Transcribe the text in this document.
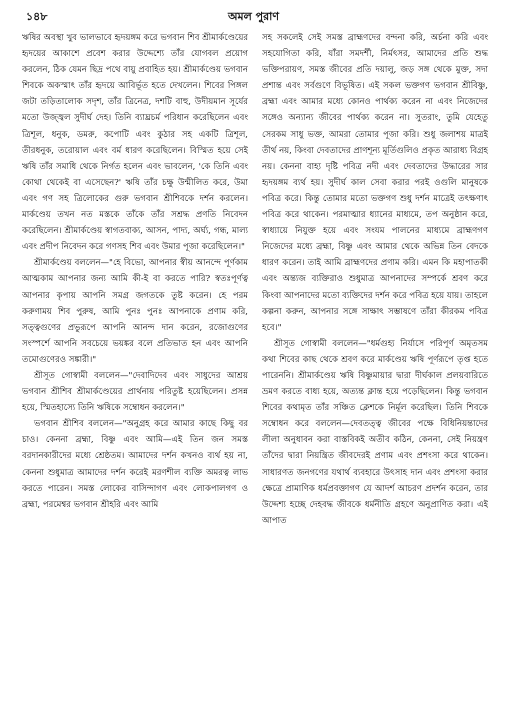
১৪৮	অমল পুরাণ

ঋষির অবস্থা খুব ভালভাবে হৃদয়ঙ্গম করে ভগবান শিব শ্রীমার্কণ্ডেয়ের হৃদয়ের আকাশে প্রবেশ করার উদ্দেশ্যে তাঁর যোগবল প্রয়োগ করলেন, ঠিক যেমন ছিদ্র পথে বায়ু প্রবাহিত হয়। শ্রীমার্কণ্ডেয় ভগবান শিবকে অকস্মাৎ তাঁর হৃদয়ে আবির্ভূত হতে দেখলেন। শিবের পিঙ্গল জটা তড়িতালোক সদৃশ, তাঁর ত্রিনেত্র, দশটি বাহু, উদীয়মান সূর্যের মতো উজ্জ্বল সুদীর্ঘ দেহ। তিনি ব্যাঘ্রচর্ম পরিধান করেছিলেন এবং ত্রিশূল, ধনুক, ডমরু, কপোটি এবং কুঠার সহ একটি ত্রিশূল, তীরধনুক, তরোয়াল এবং বর্ম ধারণ করেছিলেন। বিস্মিত হয়ে সেই ঋষি তাঁর সমাধি থেকে নির্গত হলেন এবং ভাবলেন, 'কে তিনি এবং কোথা থেকেই বা এসেছেন?' ঋষি তাঁর চক্ষু উন্মীলিত করে, উমা এবং গণ সহ ত্রিলোকের গুরু ভগবান শ্রীশিবকে দর্শন করলেন। মার্কণ্ডেয় তখন নত মস্তকে তাঁকে তাঁর সশ্রদ্ধ প্রণতি নিবেদন করেছিলেন। শ্রীমার্কণ্ডেয় স্বাগতবাক্য, আসন, পাদ্য, অর্ঘ্য, গন্ধ, মাল্য এবং প্রদীপ নিবেদন করে গণসহ শিব এবং উমার পূজা করেছিলেন।"

শ্রীমার্কণ্ডেয় বললেন—"হে বিভো, আপনার স্বীয় আনন্দে পূর্ণকাম আত্মকাম আপনার জন্য আমি কী-ই বা করতে পারি? স্বতঃপূর্ণত্ব আপনার কৃপায় আপনি সমগ্র জগতকে তুষ্ট করেন। হে পরম করুণাময় শিব পুরুষ, আমি পুনঃ পুনঃ আপনাকে প্রণাম করি, সত্ত্বগুণের প্রভুরূপে আপনি আনন্দ দান করেন, রজোগুণের সংস্পর্শে আপনি সবচেয়ে ভয়ঙ্কর বলে প্রতিভাত হন এবং আপনি তমোগুণেরও সঙ্কারী।"

শ্রীসূত গোস্বামী বললেন—"দেবাদিদেব এবং সাধুদের আশ্রয় ভগবান শ্রীশিব শ্রীমার্কণ্ডেয়ের প্রার্থনায় পরিতুষ্ট হয়েছিলেন। প্রসন্ন হয়ে, স্মিতহাস্যে তিনি ঋষিকে সম্বোধন করলেন।"

ভগবান শ্রীশিব বললেন—"অনুগ্রহ করে আমার কাছে কিছু বর চাও। কেননা ব্রহ্মা, বিষ্ণু এবং আমি—এই তিন জন সমস্ত বরদানকারীদের মধ্যে শ্রেষ্ঠতম। আমাদের দর্শন কখনও ব্যর্থ হয় না, কেননা শুধুমাত্র আমাদের দর্শন করেই মরণশীল ব্যক্তি অমরত্ব লাভ করতে পারেন। সমস্ত লোকের বাসিন্দাগণ এবং লোকপালগণ ও ব্রহ্মা, পরমেশ্বর ভগবান শ্রীহরি এবং আমি

সহ সকলেই সেই সমস্ত ব্রাহ্মণদের বন্দনা করি, অর্চনা করি এবং সহযোগিতা করি, যাঁরা সমদর্শী, নির্মৎসর, আমাদের প্রতি শুদ্ধ ভক্তিপরায়ণ, সমস্ত জীবের প্রতি দয়ালু, জড় সঙ্গ থেকে মুক্ত, সদা প্রশান্ত এবং সর্বগুণে বিভূষিত। এই সকল ভক্তগণ ভগবান শ্রীবিষ্ণু, ব্রহ্মা এবং আমার মধ্যে কোনও পার্থক্য করেন না এবং নিজেদের সঙ্গেও অন্যান্য জীবের পার্থক্য করেন না। সুতরাং, তুমি যেহেতু সেরকম সাধু ভক্ত, আমরা তোমার পূজা করি। শুধু জলাশয় মাত্রই তীর্থ নয়, কিংবা দেবতাদের প্রাণশূন্য মূর্তিগুলিও প্রকৃত আরাধ্য বিগ্রহ নয়। কেননা বাহ্য দৃষ্টি পবিত্র নদী এবং দেবতাদের উদ্ধারের সার হৃদয়ঙ্গম ব্যর্থ হয়। সুদীর্ঘ কাল সেবা করার পরই ওগুলি মানুষকে পবিত্র করে। কিন্তু তোমার মতো ভক্তগণ শুধু দর্শন মাত্রেই তৎক্ষণাৎ পবিত্র করে থাকেন। পরমাত্মার ধ্যানের মাধ্যমে, তপ অনুষ্ঠান করে, স্বাধ্যায়ে নিযুক্ত হয়ে এবং সংযম পালনের মাধ্যমে ব্রাহ্মণগণ নিজেদের মধ্যে ব্রহ্মা, বিষ্ণু এবং আমার থেকে অভিন্ন তিন বেদকে ধারণ করেন। তাই আমি ব্রাহ্মণদের প্রণাম করি। এমন কি মহাপাতকী এবং অন্ত্যজ ব্যক্তিরাও শুধুমাত্র আপনাদের সম্পর্কে শ্রবণ করে কিংবা আপনাদের মতো ব্যক্তিদের দর্শন করে পবিত্র হয়ে যায়। তাহলে কল্পনা করুন, আপনার সঙ্গে সাক্ষাৎ সম্ভাষণে তাঁরা কীরকম পবিত্র হবে।"

শ্রীসূত গোস্বামী বললেন—"ধর্মগুহ্য নির্যাসে পরিপূর্ণ অমৃতসম কথা শিবের কাছ থেকে শ্রবণ করে মার্কণ্ডেয় ঋষি পূর্ণরূপে তৃপ্ত হতে পারেননি। শ্রীমার্কণ্ডেয় ঋষি বিষ্ণুমায়ার দ্বারা দীর্ঘকাল প্রলয়বারিতে ভ্রমণ করতে বাধ্য হয়ে, অত্যন্ত ক্লান্ত হয়ে পড়েছিলেন। কিন্তু ভগবান শিবের কথামৃত তাঁর সঞ্চিত ক্লেশকে নির্মূল করেছিল। তিনি শিবকে সম্বোধন করে বললেন—দেবতত্ত্ব জীবের পক্ষে বিধিনিয়ন্তাদের লীলা অনুধাবন করা বাস্তবিকই অতীব কঠিন, কেননা, সেই নিয়ন্ত্রণ তাঁদের দ্বারা নিয়ন্ত্রিত জীবদেরই প্রণাম এবং প্রশংসা করে থাকেন। সাধারণত জনগণের যথার্থ ব্যবহারে উৎসাহ দান এবং প্রশংসা করার ক্ষেত্রে প্রামাণিক ধর্মপ্রবক্তাগণ যে আদর্শ আচরণ প্রদর্শন করেন, তার উদ্দেশ্য হচ্ছে দেহবদ্ধ জীবকে ধর্মনীতি গ্রহণে অনুপ্রাণিত করা। এই আপাত
